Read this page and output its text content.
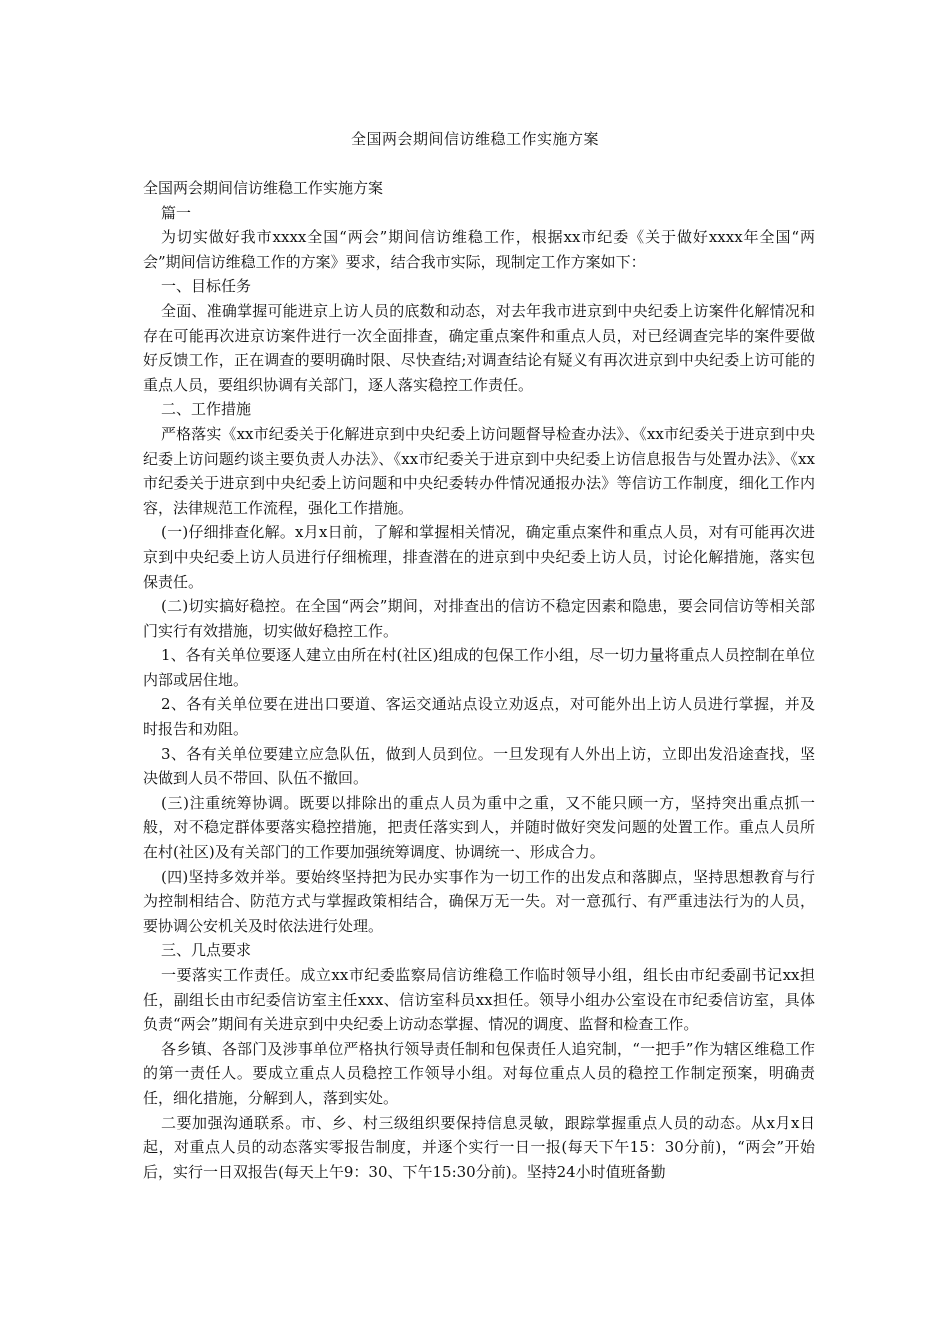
全国两会期间信访维稳工作实施方案

全国两会期间信访维稳工作实施方案

篇一

为切实做好我市xxxx全国“两会”期间信访维稳工作，根据xx市纪委《关于做好xxxx年全国“两会”期间信访维稳工作的方案》要求，结合我市实际，现制定工作方案如下：

一、目标任务

全面、准确掌握可能进京上访人员的底数和动态，对去年我市进京到中央纪委上访案件化解情况和存在可能再次进京访案件进行一次全面排查，确定重点案件和重点人员，对已经调查完毕的案件要做好反馈工作，正在调查的要明确时限、尽快查结;对调查结论有疑义有再次进京到中央纪委上访可能的重点人员，要组织协调有关部门，逐人落实稳控工作责任。

二、工作措施

严格落实《xx市纪委关于化解进京到中央纪委上访问题督导检查办法》、《xx市纪委关于进京到中央纪委上访问题约谈主要负责人办法》、《xx市纪委关于进京到中央纪委上访信息报告与处置办法》、《xx市纪委关于进京到中央纪委上访问题和中央纪委转办件情况通报办法》等信访工作制度，细化工作内容，法律规范工作流程，强化工作措施。

(一)仔细排查化解。x月x日前，了解和掌握相关情况，确定重点案件和重点人员，对有可能再次进京到中央纪委上访人员进行仔细梳理，排查潜在的进京到中央纪委上访人员，讨论化解措施，落实包保责任。

(二)切实搞好稳控。在全国“两会”期间，对排查出的信访不稳定因素和隐患，要会同信访等相关部门实行有效措施，切实做好稳控工作。

1、各有关单位要逐人建立由所在村(社区)组成的包保工作小组，尽一切力量将重点人员控制在单位内部或居住地。

2、各有关单位要在进出口要道、客运交通站点设立劝返点，对可能外出上访人员进行掌握，并及时报告和劝阻。

3、各有关单位要建立应急队伍，做到人员到位。一旦发现有人外出上访，立即出发沿途查找，坚决做到人员不带回、队伍不撤回。

(三)注重统筹协调。既要以排除出的重点人员为重中之重，又不能只顾一方，坚持突出重点抓一般，对不稳定群体要落实稳控措施，把责任落实到人，并随时做好突发问题的处置工作。重点人员所在村(社区)及有关部门的工作要加强统筹调度、协调统一、形成合力。

(四)坚持多效并举。要始终坚持把为民办实事作为一切工作的出发点和落脚点，坚持思想教育与行为控制相结合、防范方式与掌握政策相结合，确保万无一失。对一意孤行、有严重违法行为的人员，要协调公安机关及时依法进行处理。

三、几点要求

一要落实工作责任。成立xx市纪委监察局信访维稳工作临时领导小组，组长由市纪委副书记xx担任，副组长由市纪委信访室主任xxx、信访室科员xx担任。领导小组办公室设在市纪委信访室，具体负责“两会”期间有关进京到中央纪委上访动态掌握、情况的调度、监督和检查工作。

各乡镇、各部门及涉事单位严格执行领导责任制和包保责任人追究制，“一把手”作为辖区维稳工作的第一责任人。要成立重点人员稳控工作领导小组。对每位重点人员的稳控工作制定预案，明确责任，细化措施，分解到人，落到实处。

二要加强沟通联系。市、乡、村三级组织要保持信息灵敏，跟踪掌握重点人员的动态。从x月x日起，对重点人员的动态落实零报告制度，并逐个实行一日一报(每天下午15：30分前)，“两会”开始后，实行一日双报告(每天上午9：30、下午15:30分前)。坚持24小时值班备勤
